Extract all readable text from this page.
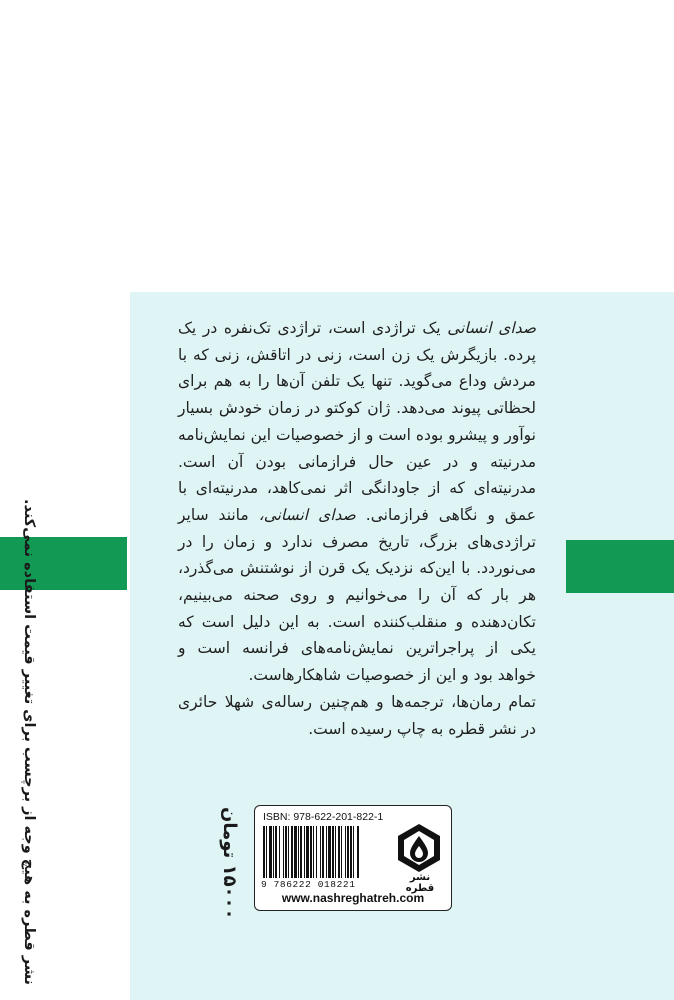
صدای انسانی یک تراژدی است، تراژدی تک‌نفره در یک پرده. بازیگرش یک زن است، زنی در اتاقش، زنی که با مردش وداع می‌گوید. تنها یک تلفن آن‌ها را به هم برای لحظاتی پیوند می‌دهد. ژان کوکتو در زمان خودش بسیار نوآور و پیشرو بوده است و از خصوصیات این نمایش‌نامه مدرنیته و در عین حال فرازمانی بودن آن است. مدرنیته‌ای که از جاودانگی اثر نمی‌کاهد، مدرنیته‌ای با عمق و نگاهی فرازمانی. صدای انسانی، مانند سایر تراژدی‌های بزرگ، تاریخ مصرف ندارد و زمان را در می‌نوردد. با این‌که نزدیک یک قرن از نوشتنش می‌گذرد، هر بار که آن را می‌خوانیم و روی صحنه می‌بینیم، تکان‌دهنده و منقلب‌کننده است. به این دلیل است که یکی از پراجراترین نمایش‌نامه‌های فرانسه است و خواهد بود و این از خصوصیات شاهکارهاست.

تمام رمان‌ها، ترجمه‌ها و هم‌چنین رساله‌ی شهلا حائری در نشر قطره به چاپ رسیده است.

نشر قطره به هیچ وجه از برچسب برای تغییر قیمت استفاده نمی‌کند.	۱۵۰۰۰ تومان
ISBN: 978-622-201-822-1
9 786222 018221
نشر قطره
www.nashreghatreh.com
